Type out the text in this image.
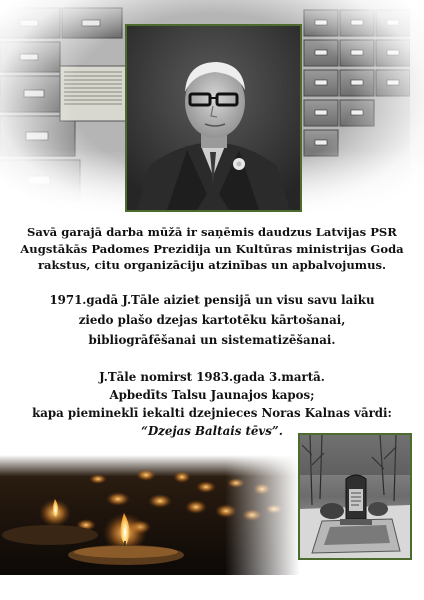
Savā garajā darba mūžā ir saņēmis daudzus Latvijas PSR
Augstākās Padomes Prezidija un Kultūras ministrijas Goda
rakstus, citu organizāciju atzinības un apbalvojumus.
1971.gadā J.Tāle aiziet pensijā un visu savu laiku
ziedo plašo dzejas kartotēku kārtošanai,
bibliogrāfēšanai un sistematizēšanai.
J.Tāle nomirst 1983.gada 3.martā.
Apbedīts Talsu Jaunajos kapos;
kapa piemineklī iekalti dzejnieces Noras Kalnas vārdi:
“Dzejas Baltais tēvs”.
